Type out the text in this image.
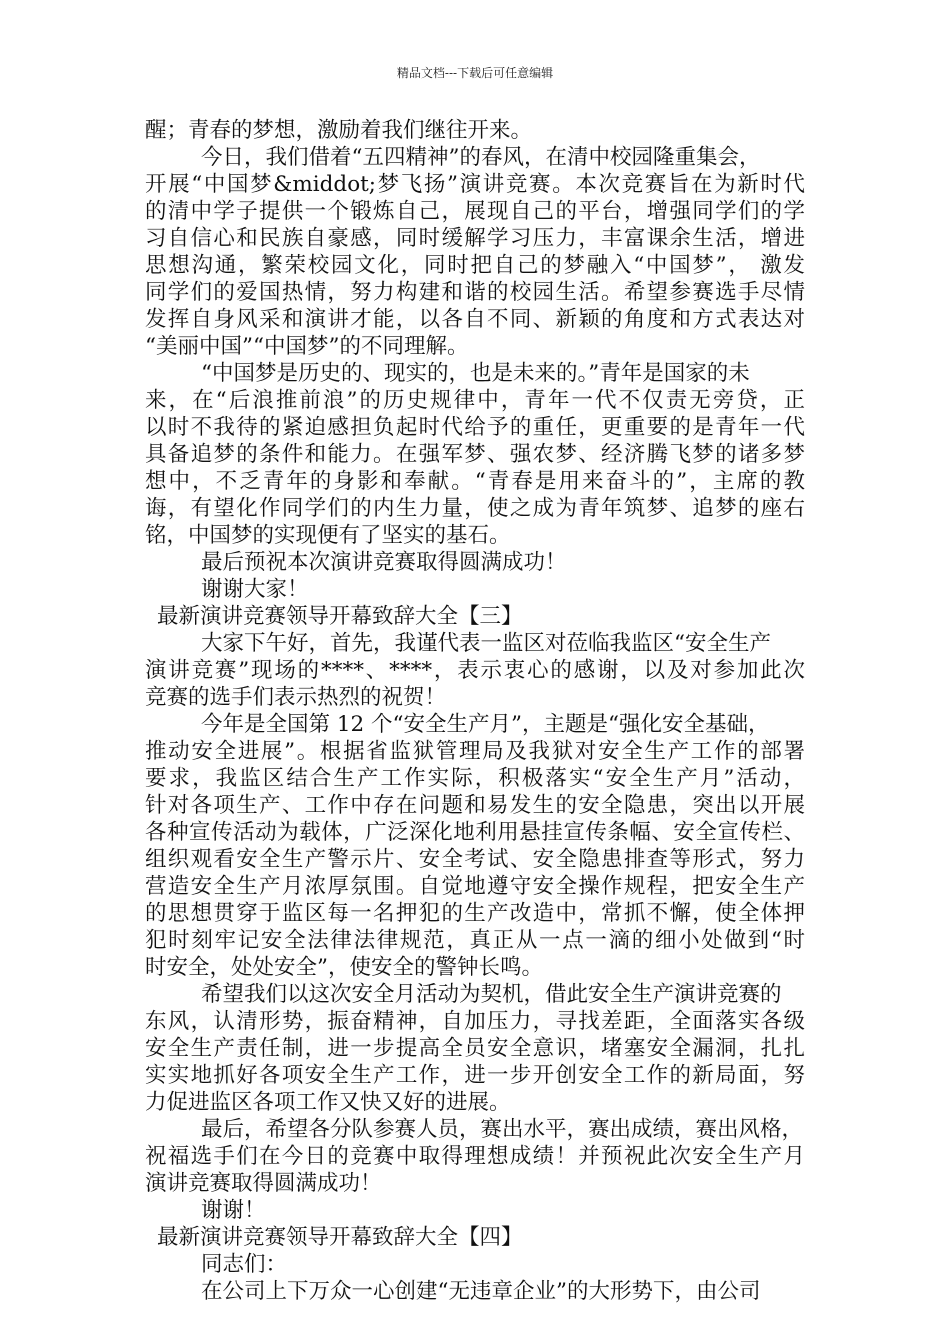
精品文档---下载后可任意编辑
醒；青春的梦想，激励着我们继往开来。
今日，我们借着“五四精神”的春风，在清中校园隆重集会，
开展“中国梦&middot;梦飞扬”演讲竞赛。本次竞赛旨在为新时代
的清中学子提供一个锻炼自己，展现自己的平台，增强同学们的学
习自信心和民族自豪感，同时缓解学习压力，丰富课余生活，增进
思想沟通，繁荣校园文化，同时把自己的梦融入“中国梦”， 激发
同学们的爱国热情，努力构建和谐的校园生活。希望参赛选手尽情
发挥自身风采和演讲才能，以各自不同、新颖的角度和方式表达对
“美丽中国”“中国梦”的不同理解。
“中国梦是历史的、现实的，也是未来的。”青年是国家的未
来，在“后浪推前浪”的历史规律中，青年一代不仅责无旁贷，正
以时不我待的紧迫感担负起时代给予的重任，更重要的是青年一代
具备追梦的条件和能力。在强军梦、强农梦、经济腾飞梦的诸多梦
想中，不乏青年的身影和奉献。“青春是用来奋斗的”，主席的教
诲，有望化作同学们的内生力量，使之成为青年筑梦、追梦的座右
铭，中国梦的实现便有了坚实的基石。
最后预祝本次演讲竞赛取得圆满成功！
谢谢大家！
最新演讲竞赛领导开幕致辞大全【三】
大家下午好，首先，我谨代表一监区对莅临我监区“安全生产
演讲竞赛”现场的****、****，表示衷心的感谢，以及对参加此次
竞赛的选手们表示热烈的祝贺！
今年是全国第 12 个“安全生产月”，主题是“强化安全基础，
推动安全进展”。根据省监狱管理局及我狱对安全生产工作的部署
要求，我监区结合生产工作实际，积极落实“安全生产月”活动，
针对各项生产、工作中存在问题和易发生的安全隐患，突出以开展
各种宣传活动为载体，广泛深化地利用悬挂宣传条幅、安全宣传栏、
组织观看安全生产警示片、安全考试、安全隐患排查等形式，努力
营造安全生产月浓厚氛围。自觉地遵守安全操作规程，把安全生产
的思想贯穿于监区每一名押犯的生产改造中，常抓不懈，使全体押
犯时刻牢记安全法律法律规范，真正从一点一滴的细小处做到“时
时安全，处处安全”，使安全的警钟长鸣。
希望我们以这次安全月活动为契机，借此安全生产演讲竞赛的
东风，认清形势，振奋精神，自加压力，寻找差距，全面落实各级
安全生产责任制，进一步提高全员安全意识，堵塞安全漏洞，扎扎
实实地抓好各项安全生产工作，进一步开创安全工作的新局面，努
力促进监区各项工作又快又好的进展。
最后，希望各分队参赛人员，赛出水平，赛出成绩，赛出风格，
祝福选手们在今日的竞赛中取得理想成绩！并预祝此次安全生产月
演讲竞赛取得圆满成功！
谢谢！
最新演讲竞赛领导开幕致辞大全【四】
同志们：
在公司上下万众一心创建“无违章企业”的大形势下，由公司
